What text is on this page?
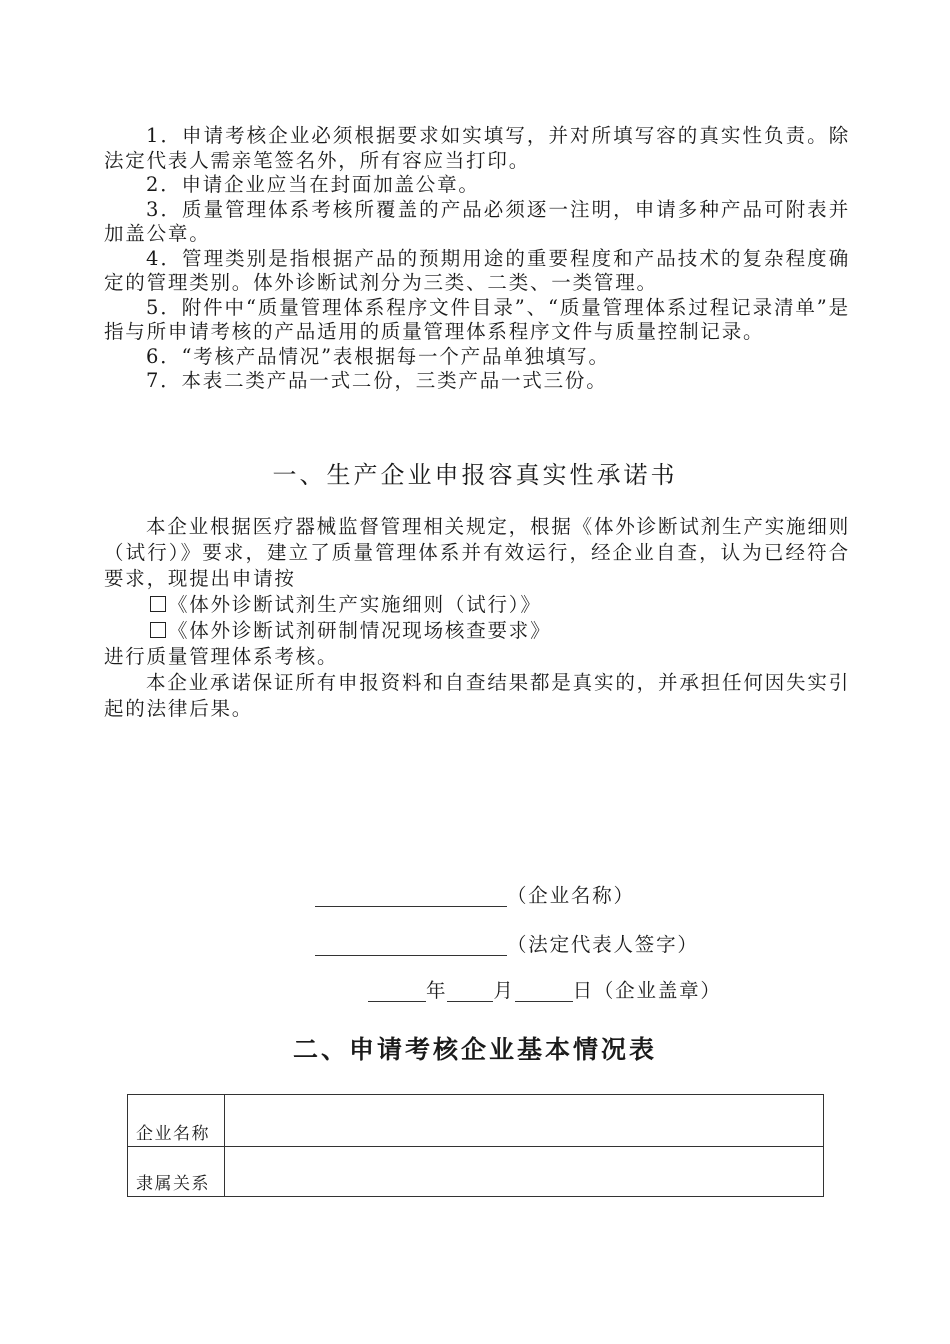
1．申请考核企业必须根据要求如实填写，并对所填写容的真实性负责。除法定代表人需亲笔签名外，所有容应当打印。

2．申请企业应当在封面加盖公章。

3．质量管理体系考核所覆盖的产品必须逐一注明，申请多种产品可附表并加盖公章。

4．管理类别是指根据产品的预期用途的重要程度和产品技术的复杂程度确定的管理类别。体外诊断试剂分为三类、二类、一类管理。

5．附件中“质量管理体系程序文件目录”、“质量管理体系过程记录清单”是指与所申请考核的产品适用的质量管理体系程序文件与质量控制记录。

6．“考核产品情况”表根据每一个产品单独填写。

7．本表二类产品一式二份，三类产品一式三份。

一、生产企业申报容真实性承诺书

本企业根据医疗器械监督管理相关规定，根据《体外诊断试剂生产实施细则（试行）》要求，建立了质量管理体系并有效运行，经企业自查，认为已经符合要求，现提出申请按

《体外诊断试剂生产实施细则（试行）》

《体外诊断试剂研制情况现场核查要求》

进行质量管理体系考核。

本企业承诺保证所有申报资料和自查结果都是真实的，并承担任何因失实引起的法律后果。

（企业名称）
（法定代表人签字）
年 月	日（企业盖章）
二、申请考核企业基本情况表
企业名称	
隶属关系	
